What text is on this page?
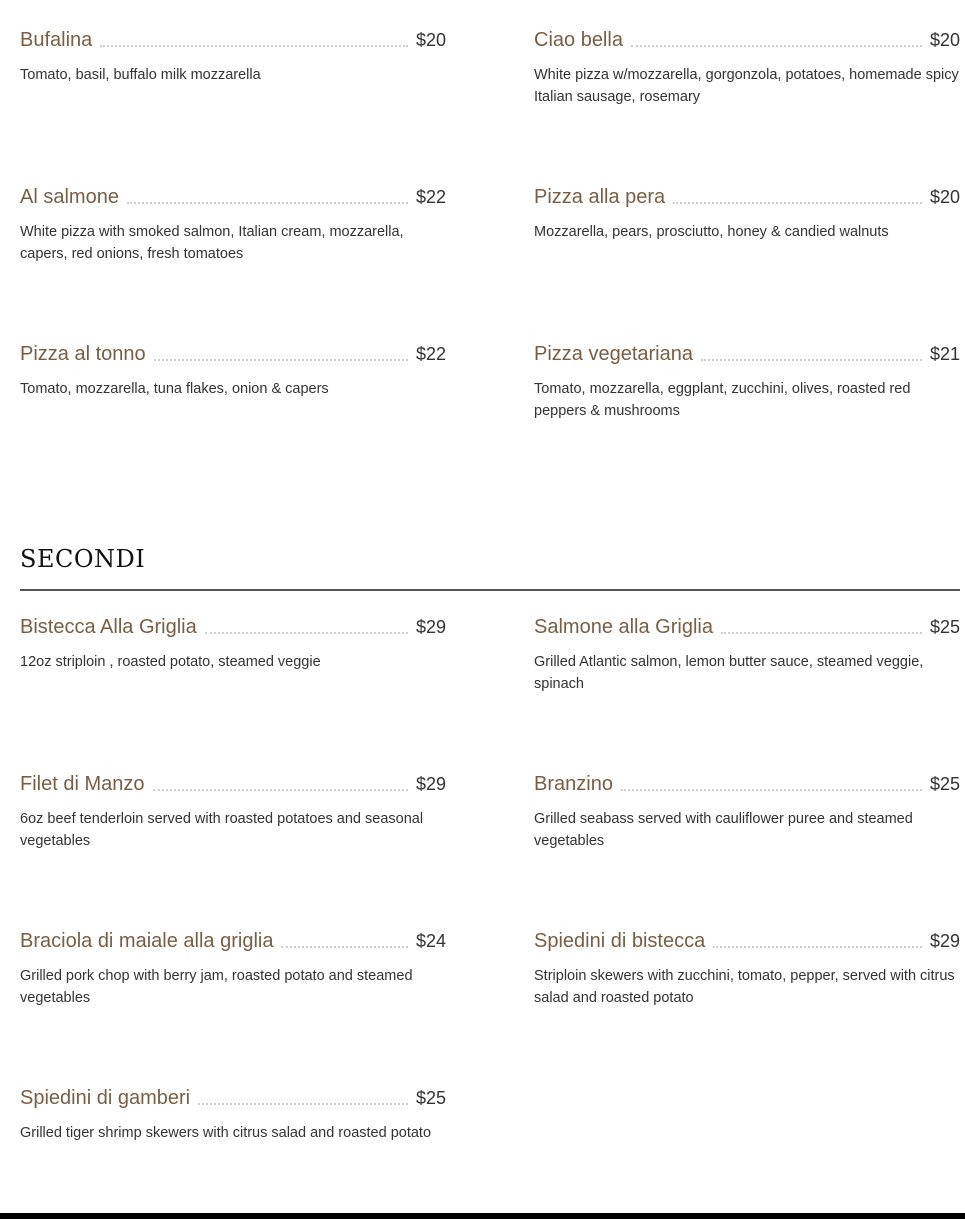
Bufalina	$20
Tomato, basil, buffalo milk mozzarella
Ciao bella	$20
White pizza w/mozzarella, gorgonzola, potatoes, homemade spicy Italian sausage, rosemary
Al salmone	$22
White pizza with smoked salmon, Italian cream, mozzarella, capers, red onions, fresh tomatoes
Pizza alla pera	$20
Mozzarella, pears, prosciutto, honey & candied walnuts
Pizza al tonno	$22
Tomato, mozzarella, tuna flakes, onion & capers
Pizza vegetariana	$21
Tomato, mozzarella, eggplant, zucchini, olives, roasted red peppers & mushrooms
SECONDI
Bistecca Alla Griglia	$29
12oz striploin , roasted potato, steamed veggie
Salmone alla Griglia	$25
Grilled Atlantic salmon, lemon butter sauce, steamed veggie, spinach
Filet di Manzo	$29
6oz beef tenderloin served with roasted potatoes and seasonal vegetables
Branzino	$25
Grilled seabass served with cauliflower puree and steamed vegetables
Braciola di maiale alla griglia	$24
Grilled pork chop with berry jam, roasted potato and steamed vegetables
Spiedini di bistecca	$29
Striploin skewers with zucchini, tomato, pepper, served with citrus salad and roasted potato
Spiedini di gamberi	$25
Grilled tiger shrimp skewers with citrus salad and roasted potato
